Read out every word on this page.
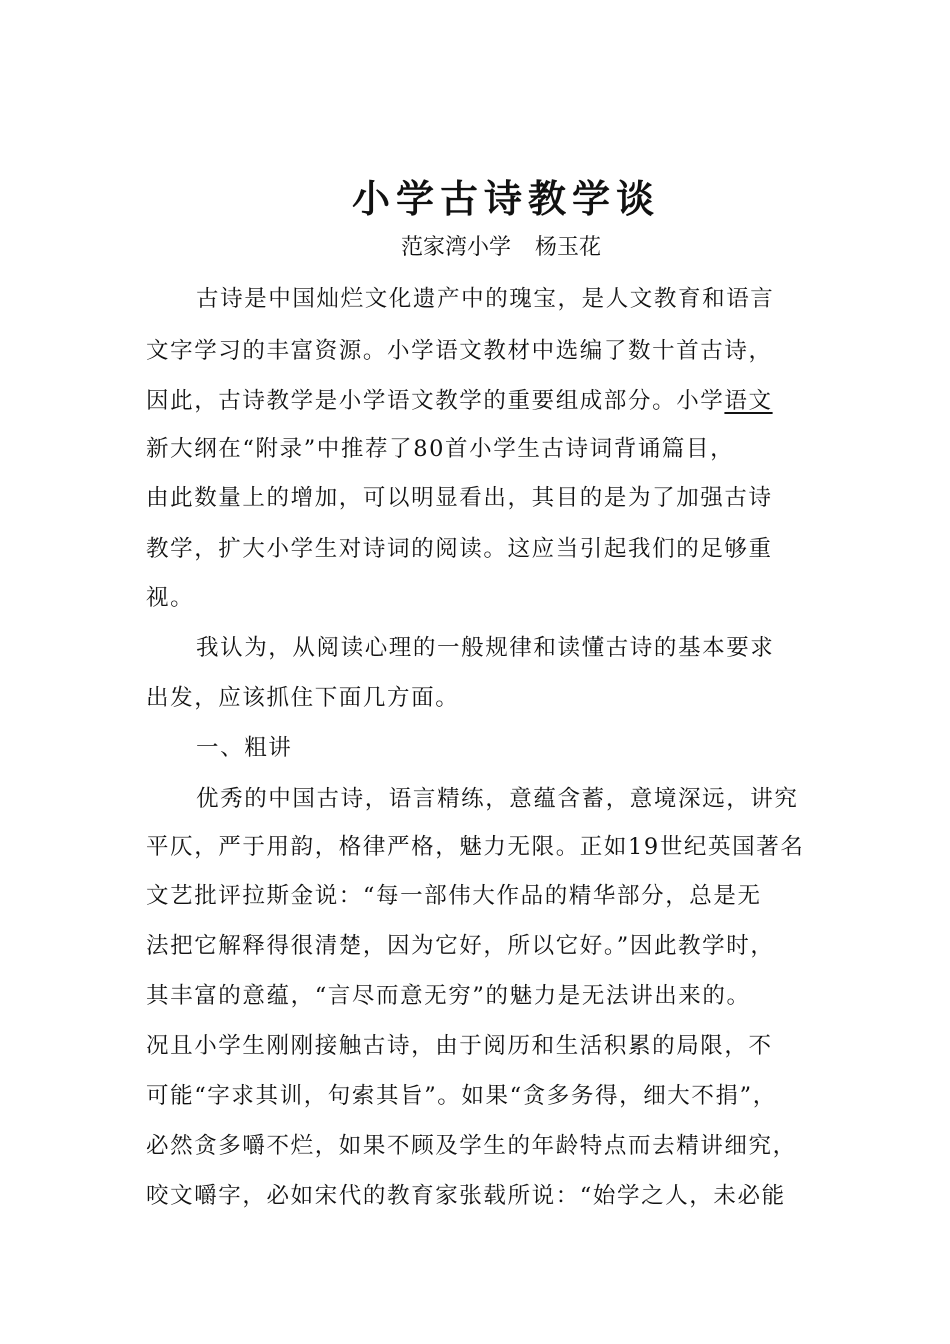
小学古诗教学谈
范家湾小学 杨玉花
古诗是中国灿烂文化遗产中的瑰宝，是人文教育和语言
文字学习的丰富资源。小学语文教材中选编了数十首古诗，
因此，古诗教学是小学语文教学的重要组成部分。小学语文
新大纲在“附录”中推荐了80首小学生古诗词背诵篇目，
由此数量上的增加，可以明显看出，其目的是为了加强古诗
教学，扩大小学生对诗词的阅读。这应当引起我们的足够重
视。
我认为，从阅读心理的一般规律和读懂古诗的基本要求
出发，应该抓住下面几方面。
一、粗讲
优秀的中国古诗，语言精练，意蕴含蓄，意境深远，讲究
平仄，严于用韵，格律严格，魅力无限。正如19世纪英国著名
文艺批评拉斯金说：“每一部伟大作品的精华部分，总是无
法把它解释得很清楚，因为它好，所以它好。”因此教学时，
其丰富的意蕴，“言尽而意无穷”的魅力是无法讲出来的。
况且小学生刚刚接触古诗，由于阅历和生活积累的局限，不
可能“字求其训，句索其旨”。如果“贪多务得，细大不捐”，
必然贪多嚼不烂，如果不顾及学生的年龄特点而去精讲细究，
咬文嚼字，必如宋代的教育家张载所说：“始学之人，未必能
